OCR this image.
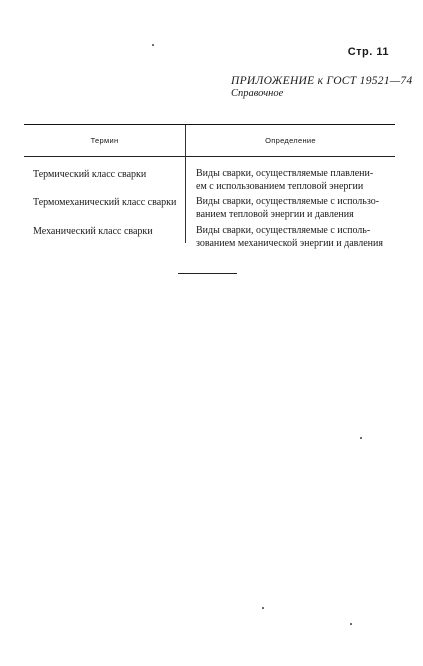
Стр. 11
ПРИЛОЖЕНИЕ к ГОСТ 19521—74
Справочное
Термин	Определение
Термический класс сварки	Виды сварки, осуществляемые плавлени-
ем с использованием тепловой энергии
Термомеханический класс сварки	Виды сварки, осуществляемые с использо-
ванием тепловой энергии и давления
Механический класс сварки	Виды сварки, осуществляемые с исполь-
зованием механической энергии и давления
